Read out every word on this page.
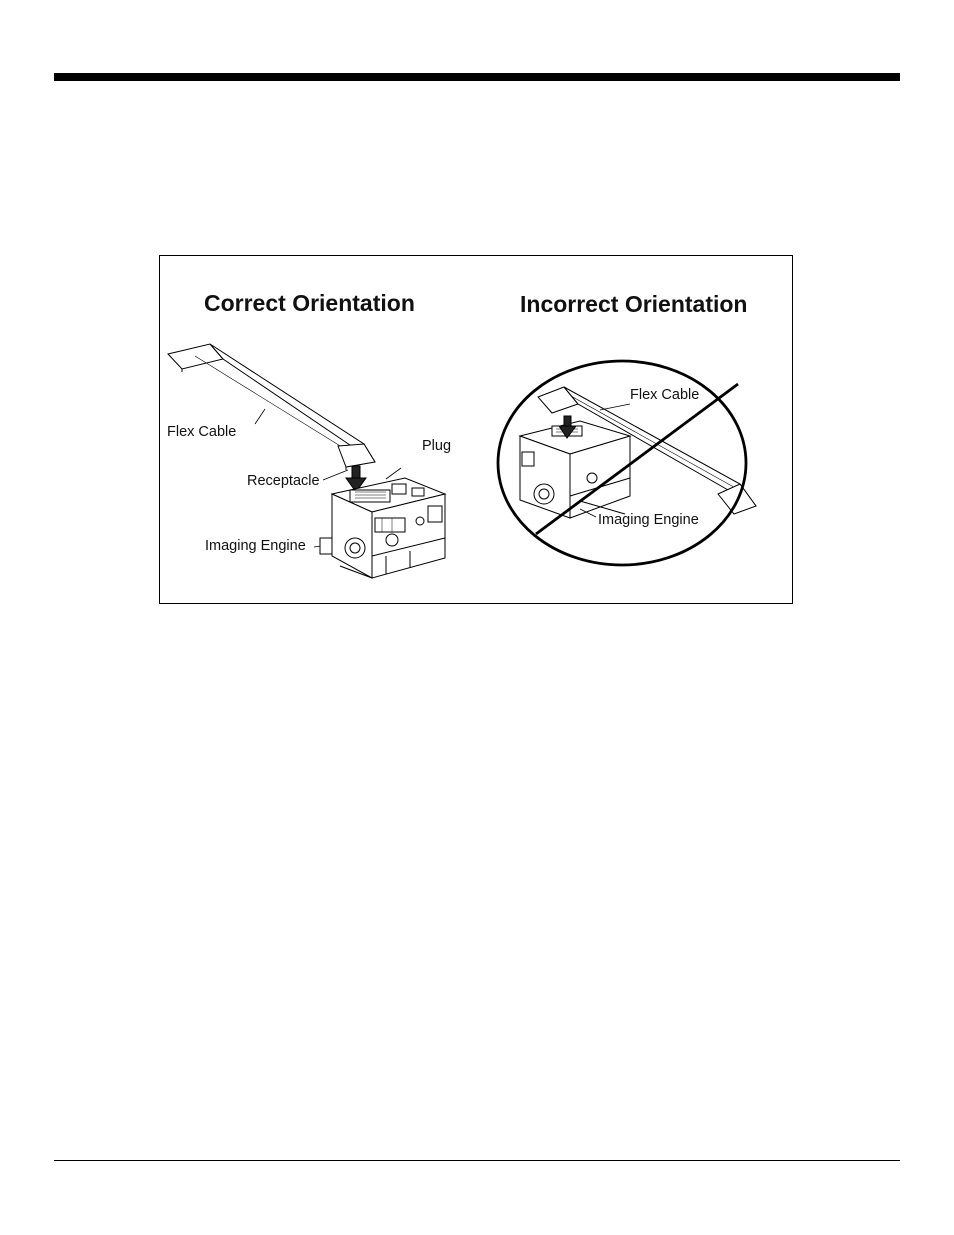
Correct Orientation	Incorrect Orientation
Flex Cable
Plug
Receptacle
Imaging Engine
Flex Cable
Imaging Engine
